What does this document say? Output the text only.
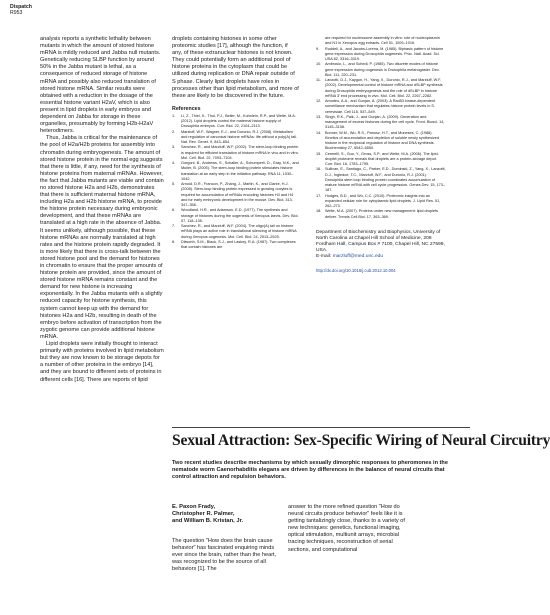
Dispatch
R953

analysis reports a synthetic lethality between mutants in which the amount of stored histone mRNA is mildly reduced and Jabba null mutants. Genetically reducing SLBP function by around 50% in the Jabba mutant is lethal, as a consequence of reduced storage of histone mRNA and possibly also reduced translation of stored histone mRNA. Similar results were obtained with a reduction in the dosage of the essential histone variant H2aV, which is also present in lipid droplets in early embryos and dependent on Jabba for storage in these organelles, presumably by forming H2b-H2aV heterodimers.

Thus, Jabba is critical for the maintenance of the pool of H2a/H2b proteins for assembly into chromatin during embryogenesis. The amount of stored histone protein in the normal egg suggests that there is little, if any, need for the synthesis of histone proteins from maternal mRNAs. However, the fact that Jabba mutants are viable and contain no stored histone H2a and H2b, demonstrates that there is sufficient maternal histone mRNA, including H2a and H2b histone mRNA, to provide the histone protein necessary during embryonic development, and that these mRNAs are translated at a high rate in the absence of Jabba. It seems unlikely, although possible, that these histone mRNAs are normally translated at high rates and the histone protein rapidly degraded. It is more likely that there is cross-talk between the stored histone pool and the demand for histones in chromatin to ensure that the proper amounts of histone protein are provided, since the amount of stored histone mRNA remains constant and the demand for new histone is increasing exponentially. In the Jabba mutants with a slightly reduced capacity for histone synthesis, this system cannot keep up with the demand for histones H2a and H2b, resulting in death of the embryo before activation of transcription from the zygotic genome can provide additional histone mRNA.

Lipid droplets were initially thought to interact primarily with proteins involved in lipid metabolism but they are now known to be storage depots for a number of other proteins in the embryo [14], and they are bound to different sets of proteins in different cells [16]. There are reports of lipid

droplets containing histones in some other proteomic studies [17], although the function, if any, of these extranuclear histones is not known. They could potentially form an additional pool of histone proteins in the cytoplasm that could be utilized during replication or DNA repair outside of S phase. Clearly lipid droplets have roles in processes other than lipid metabolism, and more of these are likely to be discovered in the future.

References
1. Li, Z., Thiel, K., Thul, P.J., Beller, M., Kuhnlein, R.P., and Welte, M.A. (2012). Lipid droplets control the maternal histone supply of Drosophila embryos. Curr. Biol. 22, 2104–2113.
2. Marzluff, W.F., Wagner, E.J., and Duronio, R.J. (2008). Metabolism and regulation of canonical histone mRNAs: life without a poly(A) tail. Nat. Rev. Genet. 9, 843–854.
3. Sanchez, R., and Marzluff, W.F. (2002). The stem-loop binding protein is required for efficient translation of histone mRNA in vivo and in vitro. Mol. Cell. Biol. 22, 7093–7104.
4. Gorgoni, B., Andrews, S., Schaller, A., Schumperli, D., Gray, N.K., and Muller, B. (2005). The stem-loop binding protein stimulates histone translation at an early step in the initiation pathway. RNA 11, 1030–1042.
5. Arnold, D.R., Francon, P., Zhang, J., Martin, K., and Clarke, H.J. (2008). Stem-loop binding protein expressed in growing oocytes is required for accumulation of mRNAs encoding histones H3 and H4 and for early embryonic development in the mouse. Dev. Biol. 313, 347–358.
6. Woodland, H.R., and Adamson, E.D. (1977). The synthesis and storage of histones during the oogenesis of Xenopus laevis. Dev. Biol. 57, 118–135.
7. Sanchez, R., and Marzluff, W.F. (2004). The oligo(A) tail on histone mRNA plays an active role in translational silencing of histone mRNA during Xenopus oogenesis. Mol. Cell. Biol. 24, 2513–2525.
8. Dilworth, S.M., Black, S.J., and Laskey, R.A. (1987). Two complexes that contain histones are
are required for nucleosome assembly in vitro: role of nucleoplasmin and N1 in Xenopus egg extracts. Cell 51, 1009–1016.
9. Ruddell, A., and Jacobs-Lorena, M. (1985). Biphasic pattern of histone gene expression during Drosophila oogenesis. Proc. Natl. Acad. Sci. USA 82, 3316–3319.
10. Ambrosio, L., and Schedl, P. (1985). Two discrete modes of histone gene expression during oogenesis in Drosophila melanogaster. Dev. Biol. 111, 220–231.
11. Lanzotti, D.J., Kaygun, H., Yang, X., Duronio, R.J., and Marzluff, W.F. (2002). Developmental control of histone mRNA and dSLBP synthesis during Drosophila embryogenesis and the role of dSLBP in histone mRNA 3' end processing in vivo. Mol. Cell. Biol. 22, 2267–2282.
12. Amodeo, A.A., and Gunjan, A. (2003). A Rad53 kinase-dependent surveillance mechanism that regulates histone protein levels in S. cerevisiae. Cell 115, 537–549.
13. Singh, R.K., Paik, J., and Gunjan, A. (2009). Generation and management of excess histones during the cell cycle. Front. Biosci. 14, 3145–3158.
14. Bonner, W.M., Wu, R.S., Panusz, H.T., and Muneses, C. (1988). Kinetics of accumulation and depletion of soluble newly synthesized histone in the reciprocal regulation of histone and DNA synthesis. Biochemistry 27, 6542–6550.
15. Cermelli, S., Guo, Y., Gross, S.P., and Welte, M.A. (2006). The lipid-droplet proteome reveals that droplets are a protein-storage depot. Curr. Biol. 16, 1783–1795.
16. Sullivan, E., Santiago, C., Parker, E.D., Dominski, Z., Yang, X., Lanzotti, D.J., Ingledue, T.C., Marzluff, W.F., and Duronio, R.J. (2001). Drosophila stem loop binding protein coordinates accumulation of mature histone mRNA with cell cycle progression. Genes Dev. 15, 173–187.
17. Hodges, B.D., and Wu, C.C. (2010). Proteomic insights into an expanded cellular role for cytoplasmic lipid droplets. J. Lipid Res. 51, 262–273.
18. Welte, M.A. (2007). Proteins under new management: lipid droplets deliver. Trends Cell Biol. 17, 363–369.
Department of Biochemistry and Biophysics, University of North Carolina at Chapel Hill School of Medicine, 208 Fordham Hall, Campus Box # 7100, Chapel Hill, NC 27599, USA.
E-mail: marzluff@med.unc.edu
http://dx.doi.org/10.1016/j.cub.2012.10.004
Sexual Attraction: Sex-Specific Wiring of Neural Circuitry
Two recent studies describe mechanisms by which sexually dimorphic responses to pheromones in the nematode worm Caenorhabditis elegans are driven by differences in the balance of neural circuits that control attraction and repulsion behaviors.
E. Paxon Frady,
Christopher R. Palmer,
and William B. Kristan, Jr.

The question "How does the brain cause behavior" has fascinated enquiring minds ever since the brain, rather than the heart, was recognized to be the source of all behaviors [1]. The

answer to the more refined question "How do neural circuits produce behavior" feels like it is getting tantalizingly close, thanks to a variety of new techniques: genetics, functional imaging, optical stimulation, multiunit arrays, microbial tracing techniques, reconstruction of serial sections, and computational
